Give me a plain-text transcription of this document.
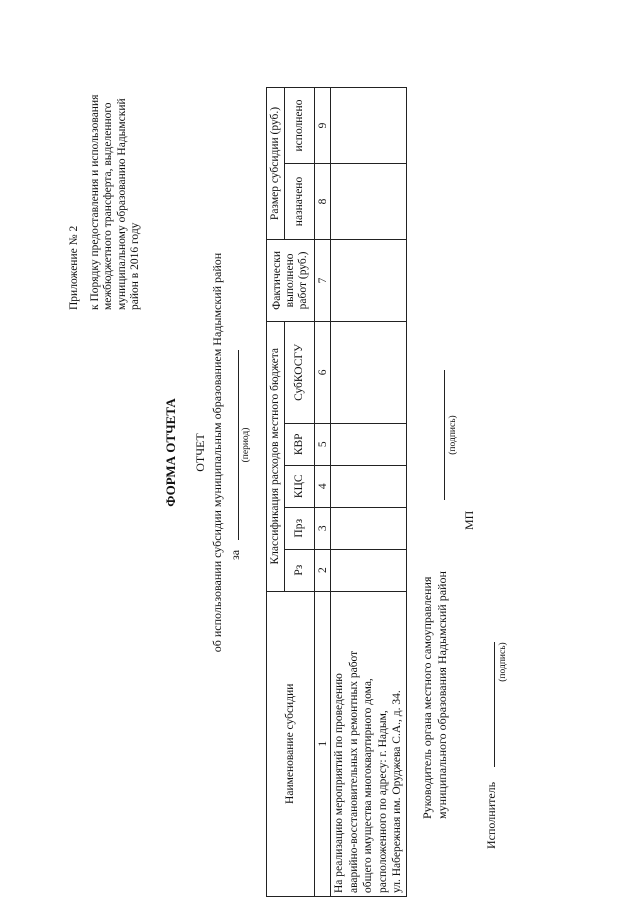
Приложение № 2 к Порядку предоставления и использования межбюджетного трансферта, выделенного муниципальному образованию Надымский район в 2016 году
ФОРМА ОТЧЕТА ОТЧЕТ об использовании субсидии муниципальным образованием Надымский район за
(период)
Наименование субсидии	Классификация расходов местного бюджета					Фактически выполнено работ (руб.)	Размер субсидии (руб.)	
	Рз	Прз	КЦС	КВР	СубКОСГУ		назначено	исполнено
1	2	3	4	5	6	7	8	9

На реализацию мероприятий по проведению аварийно-восстановительных и ремонтных работ общего имущества многоквартирного дома, расположенного по адресу: г. Надым, ул. Набережная им. Оруджева С.А., д. 34.								
								Руководитель органа местного самоуправления муниципального образования Надымский район
(подпись)
МП
Исполнитель
(подпись)
